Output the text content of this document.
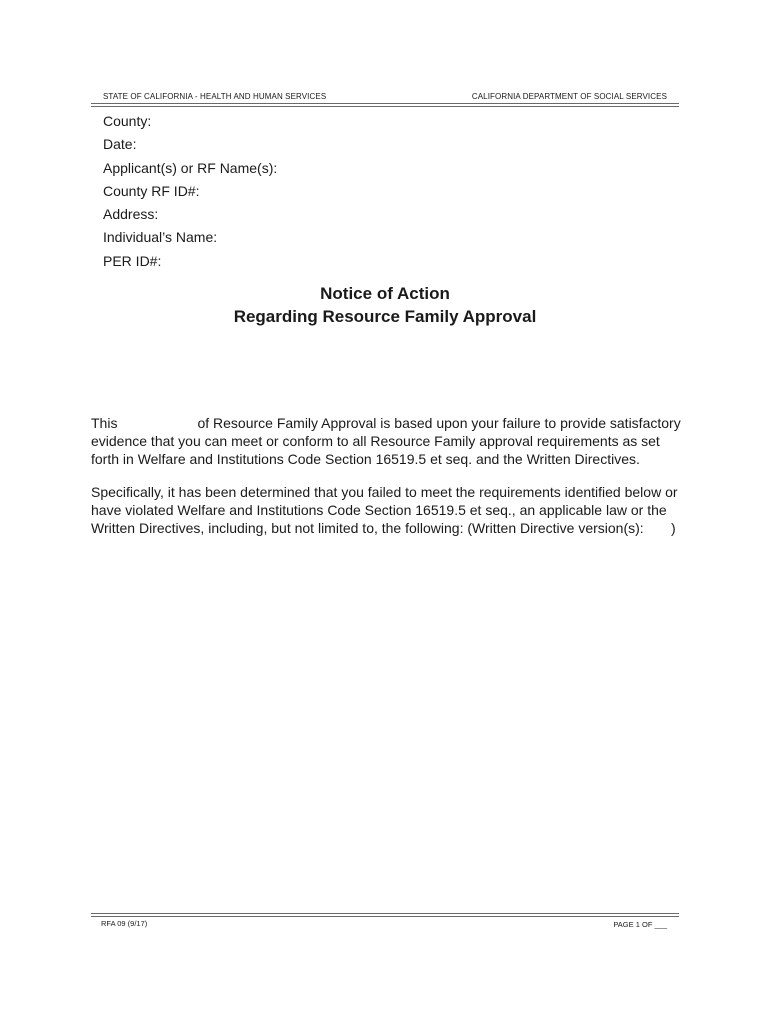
STATE OF CALIFORNIA - HEALTH AND HUMAN SERVICES	CALIFORNIA DEPARTMENT OF SOCIAL SERVICES
County:
Date:
Applicant(s) or RF Name(s):
County RF ID#:
Address:
Individual’s Name:
PER ID#:
Notice of Action
Regarding Resource Family Approval
This	of Resource Family Approval is based upon your failure to provide satisfactory
evidence that you can meet or conform to all Resource Family approval requirements as set
forth in Welfare and Institutions Code Section 16519.5 et seq. and the Written Directives.
Specifically, it has been determined that you failed to meet the requirements identified below or
have violated Welfare and Institutions Code Section 16519.5 et seq., an applicable law or the
Written Directives, including, but not limited to, the following: (Written Directive version(s): )
RFA 09 (9/17)	PAGE 1 OF ___
